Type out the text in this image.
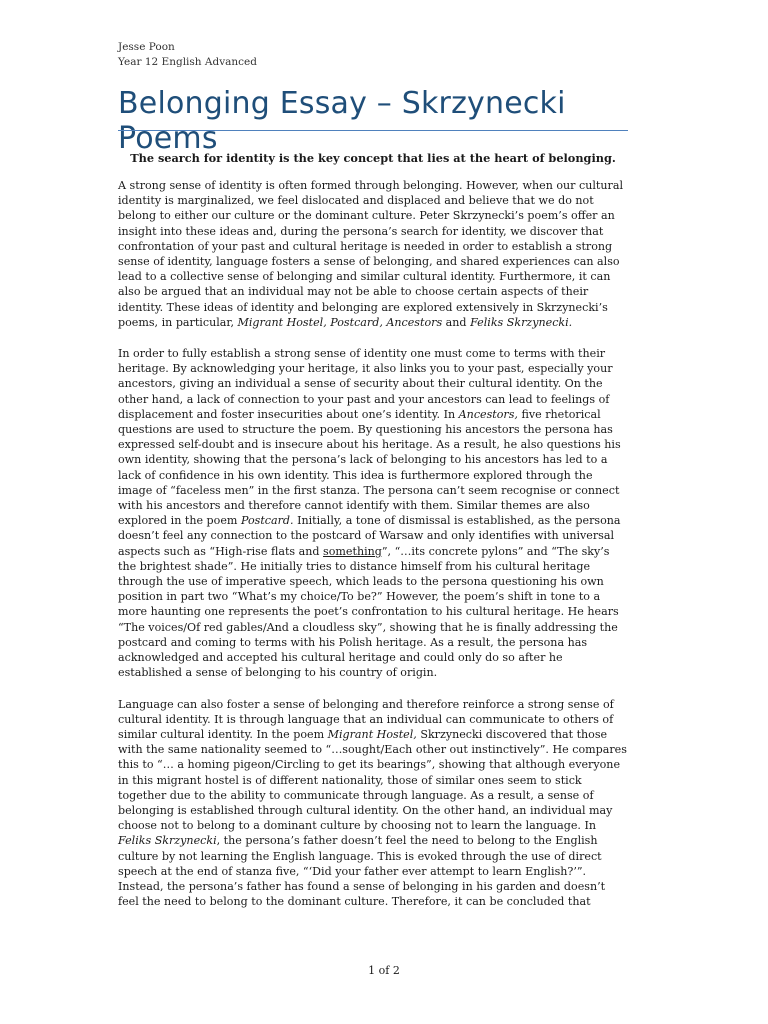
Jesse Poon
Year 12 English Advanced
Belonging Essay – Skrzynecki Poems
The search for identity is the key concept that lies at the heart of belonging.

A strong sense of identity is often formed through belonging. However, when our cultural identity is marginalized, we feel dislocated and displaced and believe that we do not belong to either our culture or the dominant culture. Peter Skrzynecki’s poem’s offer an insight into these ideas and, during the persona’s search for identity, we discover that confrontation of your past and cultural heritage is needed in order to establish a strong sense of identity, language fosters a sense of belonging, and shared experiences can also lead to a collective sense of belonging and similar cultural identity. Furthermore, it can also be argued that an individual may not be able to choose certain aspects of their identity. These ideas of identity and belonging are explored extensively in Skrzynecki’s poems, in particular, Migrant Hostel, Postcard, Ancestors and Feliks Skrzynecki.

In order to fully establish a strong sense of identity one must come to terms with their heritage. By acknowledging your heritage, it also links you to your past, especially your ancestors, giving an individual a sense of security about their cultural identity. On the other hand, a lack of connection to your past and your ancestors can lead to feelings of displacement and foster insecurities about one’s identity. In Ancestors, five rhetorical questions are used to structure the poem. By questioning his ancestors the persona has expressed self-doubt and is insecure about his heritage. As a result, he also questions his own identity, showing that the persona’s lack of belonging to his ancestors has led to a lack of confidence in his own identity. This idea is furthermore explored through the image of “faceless men” in the first stanza. The persona can’t seem recognise or connect with his ancestors and therefore cannot identify with them. Similar themes are also explored in the poem Postcard. Initially, a tone of dismissal is established, as the persona doesn’t feel any connection to the postcard of Warsaw and only identifies with universal aspects such as “High-rise flats and something”, “…its concrete pylons” and “The sky’s the brightest shade”. He initially tries to distance himself from his cultural heritage through the use of imperative speech, which leads to the persona questioning his own position in part two “What’s my choice/To be?” However, the poem’s shift in tone to a more haunting one represents the poet’s confrontation to his cultural heritage. He hears “The voices/Of red gables/And a cloudless sky”, showing that he is finally addressing the postcard and coming to terms with his Polish heritage. As a result, the persona has acknowledged and accepted his cultural heritage and could only do so after he established a sense of belonging to his country of origin.

Language can also foster a sense of belonging and therefore reinforce a strong sense of cultural identity. It is through language that an individual can communicate to others of similar cultural identity. In the poem Migrant Hostel, Skrzynecki discovered that those with the same nationality seemed to “…sought/Each other out instinctively”. He compares this to “… a homing pigeon/Circling to get its bearings”, showing that although everyone in this migrant hostel is of different nationality, those of similar ones seem to stick together due to the ability to communicate through language. As a result, a sense of belonging is established through cultural identity. On the other hand, an individual may choose not to belong to a dominant culture by choosing not to learn the language. In Feliks Skrzynecki, the persona’s father doesn’t feel the need to belong to the English culture by not learning the English language. This is evoked through the use of direct speech at the end of stanza five, “‘Did your father ever attempt to learn English?’”. Instead, the persona’s father has found a sense of belonging in his garden and doesn’t feel the need to belong to the dominant culture. Therefore, it can be concluded that

1 of 2
